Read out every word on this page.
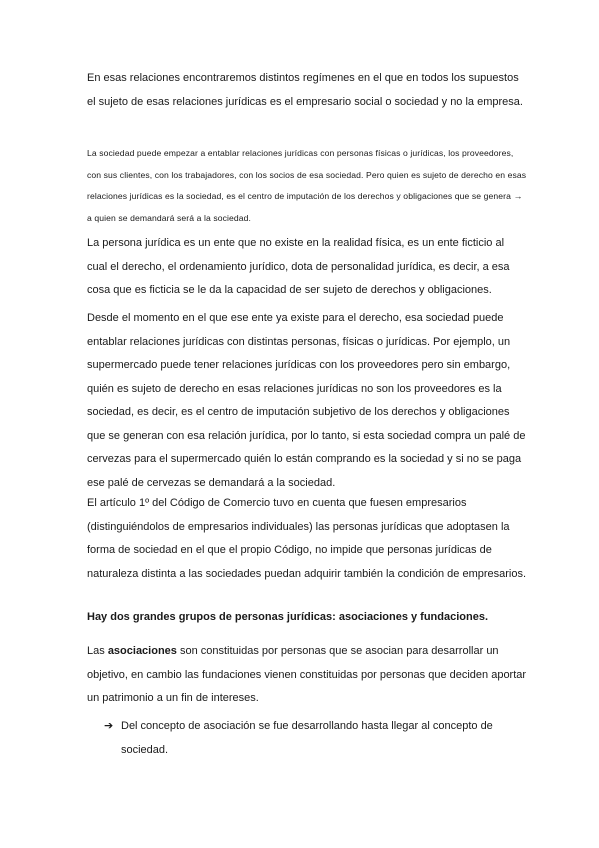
En esas relaciones encontraremos distintos regímenes en el que en todos los supuestos el sujeto de esas relaciones jurídicas es el empresario social o sociedad y no la empresa.

La sociedad puede empezar a entablar relaciones jurídicas con personas físicas o jurídicas, los proveedores, con sus clientes, con los trabajadores, con los socios de esa sociedad. Pero quien es sujeto de derecho en esas relaciones jurídicas es la sociedad, es el centro de imputación de los derechos y obligaciones que se genera → a quien se demandará será a la sociedad.

La persona jurídica es un ente que no existe en la realidad física, es un ente ficticio al cual el derecho, el ordenamiento jurídico, dota de personalidad jurídica, es decir, a esa cosa que es ficticia se le da la capacidad de ser sujeto de derechos y obligaciones.

Desde el momento en el que ese ente ya existe para el derecho, esa sociedad puede entablar relaciones jurídicas con distintas personas, físicas o jurídicas. Por ejemplo, un supermercado puede tener relaciones jurídicas con los proveedores pero sin embargo, quién es sujeto de derecho en esas relaciones jurídicas no son los proveedores es la sociedad, es decir, es el centro de imputación subjetivo de los derechos y obligaciones que se generan con esa relación jurídica, por lo tanto, si esta sociedad compra un palé de cervezas para el supermercado quién lo están comprando es la sociedad y si no se paga ese palé de cervezas se demandará a la sociedad.

El artículo 1º del Código de Comercio tuvo en cuenta que fuesen empresarios (distinguiéndolos de empresarios individuales) las personas jurídicas que adoptasen la forma de sociedad en el que el propio Código, no impide que personas jurídicas de naturaleza distinta a las sociedades puedan adquirir también la condición de empresarios.

Hay dos grandes grupos de personas jurídicas: asociaciones y fundaciones.

Las asociaciones son constituidas por personas que se asocian para desarrollar un objetivo, en cambio las fundaciones vienen constituidas por personas que deciden aportar un patrimonio a un fin de intereses.

➔ Del concepto de asociación se fue desarrollando hasta llegar al concepto de sociedad.
